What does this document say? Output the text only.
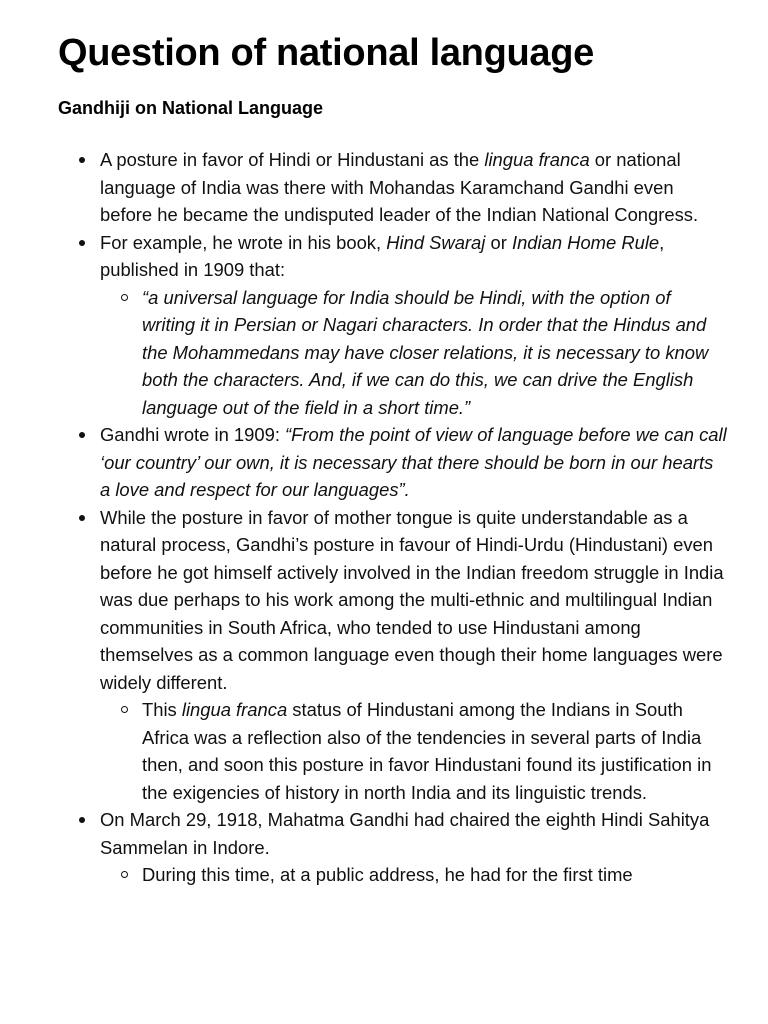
Question of national language
Gandhiji on National Language
A posture in favor of Hindi or Hindustani as the lingua franca or national language of India was there with Mohandas Karamchand Gandhi even before he became the undisputed leader of the Indian National Congress.
For example, he wrote in his book, Hind Swaraj or Indian Home Rule, published in 1909 that:
“a universal language for India should be Hindi, with the option of writing it in Persian or Nagari characters. In order that the Hindus and the Mohammedans may have closer relations, it is necessary to know both the characters. And, if we can do this, we can drive the English language out of the field in a short time.”
Gandhi wrote in 1909: “From the point of view of language before we can call ‘our country’ our own, it is necessary that there should be born in our hearts a love and respect for our languages”.
While the posture in favor of mother tongue is quite understandable as a natural process, Gandhi’s posture in favour of Hindi-Urdu (Hindustani) even before he got himself actively involved in the Indian freedom struggle in India was due perhaps to his work among the multi-ethnic and multilingual Indian communities in South Africa, who tended to use Hindustani among themselves as a common language even though their home languages were widely different.
This lingua franca status of Hindustani among the Indians in South Africa was a reflection also of the tendencies in several parts of India then, and soon this posture in favor Hindustani found its justification in the exigencies of history in north India and its linguistic trends.
On March 29, 1918, Mahatma Gandhi had chaired the eighth Hindi Sahitya Sammelan in Indore.
During this time, at a public address, he had for the first time
